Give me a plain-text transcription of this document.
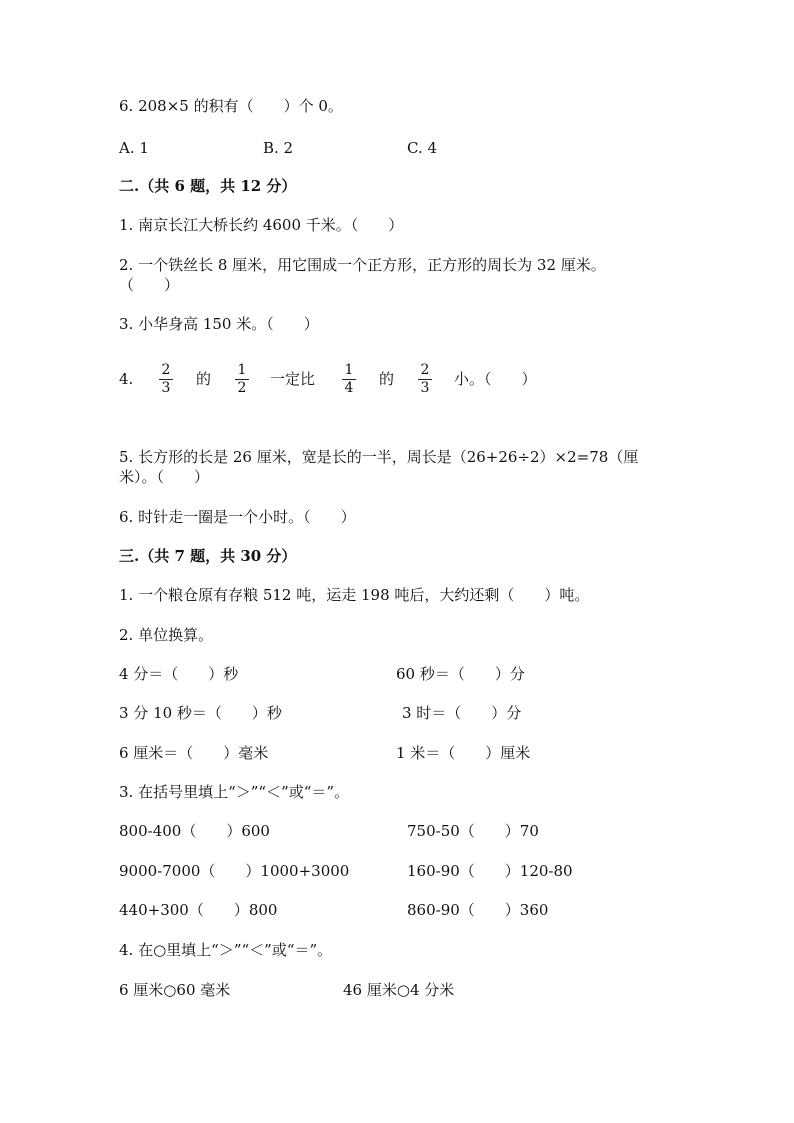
6. 208×5 的积有（　　）个 0。
A. 1	B. 2	C. 4
二.（共 6 题，共 12 分）
1. 南京长江大桥长约 4600 千米。（　　）
2. 一个铁丝长 8 厘米，用它围成一个正方形，正方形的周长为 32 厘米。
（　　）
3. 小华身高 150 米。（　　）
4.	2
3	的	1
2	一定比	1
4	的	2
3	小。（　　）
5. 长方形的长是 26 厘米，宽是长的一半，周长是（26+26÷2）×2=78（厘
米）。（　　）
6. 时针走一圈是一个小时。（　　）
三.（共 7 题，共 30 分）
1. 一个粮仓原有存粮 512 吨，运走 198 吨后，大约还剩（　　）吨。
2. 单位换算。
4 分＝（　　）秒	60 秒＝（　　）分
3 分 10 秒＝（　　）秒	3 时＝（　　）分
6 厘米＝（　　）毫米	1 米＝（　　）厘米
3. 在括号里填上“＞”“＜”或“＝”。
800-400（　　）600	750-50（　　）70
9000-7000（　　）1000+3000	160-90（　　）120-80
440+300（　　）800	860-90（　　）360
4. 在○里填上“＞”“＜”或“＝”。
6 厘米○60 毫米	46 厘米○4 分米
